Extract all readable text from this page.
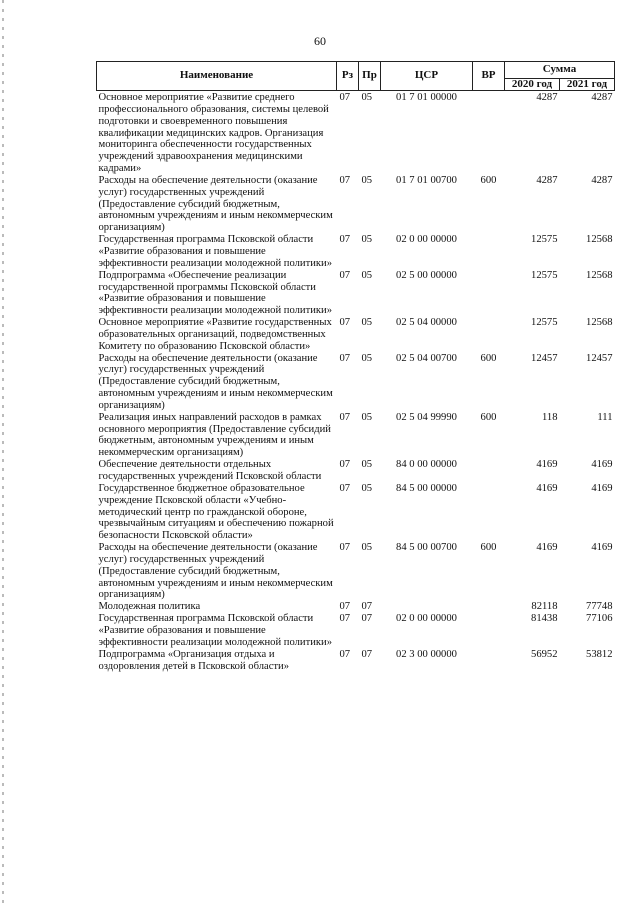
60
Наименование	Рз	Пр	ЦСР	ВР	Сумма	
					2020 год	2021 год
Основное мероприятие «Развитие среднего профессионального образования, системы целевой подготовки и своевременного повышения квалификации медицинских кадров. Организация мониторинга обеспеченности государственных учреждений здравоохранения медицинскими кадрами»	07	05	01 7 01 00000		4287	4287
Расходы на обеспечение деятельности (оказание услуг) государственных учреждений (Предоставление субсидий бюджетным, автономным учреждениям и иным некоммерческим организациям)	07	05	01 7 01 00700	600	4287	4287
Государственная программа Псковской области «Развитие образования и повышение эффективности реализации молодежной политики»	07	05	02 0 00 00000		12575	12568
Подпрограмма «Обеспечение реализации государственной программы Псковской области «Развитие образования и повышение эффективности реализации молодежной политики»	07	05	02 5 00 00000		12575	12568
Основное мероприятие «Развитие государственных образовательных организаций, подведомственных Комитету по образованию Псковской области»	07	05	02 5 04 00000		12575	12568
Расходы на обеспечение деятельности (оказание услуг) государственных учреждений (Предоставление субсидий бюджетным, автономным учреждениям и иным некоммерческим организациям)	07	05	02 5 04 00700	600	12457	12457
Реализация иных направлений расходов в рамках основного мероприятия (Предоставление субсидий бюджетным, автономным учреждениям и иным некоммерческим организациям)	07	05	02 5 04 99990	600	118	111
Обеспечение деятельности отдельных государственных учреждений Псковской области	07	05	84 0 00 00000		4169	4169
Государственное бюджетное образовательное учреждение Псковской области «Учебно-методический центр по гражданской обороне, чрезвычайным ситуациям и обеспечению пожарной безопасности Псковской области»	07	05	84 5 00 00000		4169	4169
Расходы на обеспечение деятельности (оказание услуг) государственных учреждений (Предоставление субсидий бюджетным, автономным учреждениям и иным некоммерческим организациям)	07	05	84 5 00 00700	600	4169	4169
Молодежная политика	07	07			82118	77748
Государственная программа Псковской области «Развитие образования и повышение эффективности реализации молодежной политики»	07	07	02 0 00 00000		81438	77106
Подпрограмма «Организация отдыха и оздоровления детей в Псковской области»	07	07	02 3 00 00000		56952	53812
